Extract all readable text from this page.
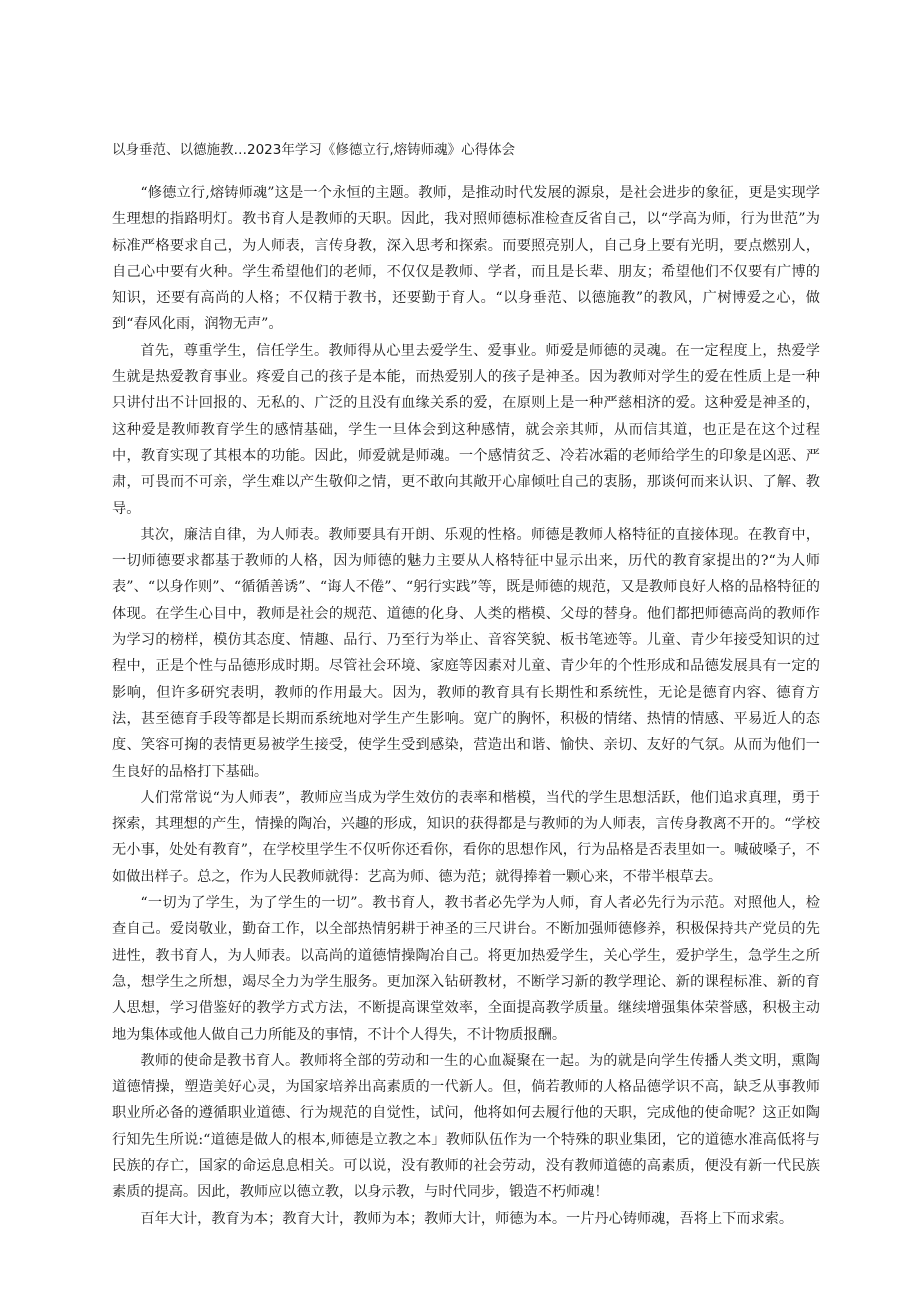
以身垂范、以德施教…2023年学习《修德立行,熔铸师魂》心得体会

“修德立行,熔铸师魂”这是一个永恒的主题。教师，是推动时代发展的源泉，是社会进步的象征，更是实现学生理想的指路明灯。教书育人是教师的天职。因此，我对照师德标准检查反省自己，以“学高为师，行为世范”为标准严格要求自己，为人师表，言传身教，深入思考和探索。而要照亮别人，自己身上要有光明，要点燃别人，自己心中要有火种。学生希望他们的老师，不仅仅是教师、学者，而且是长辈、朋友；希望他们不仅要有广博的知识，还要有高尚的人格；不仅精于教书，还要勤于育人。“以身垂范、以德施教”的教风，广树博爱之心，做到“春风化雨，润物无声”。

首先，尊重学生，信任学生。教师得从心里去爱学生、爱事业。师爱是师德的灵魂。在一定程度上，热爱学生就是热爱教育事业。疼爱自己的孩子是本能，而热爱别人的孩子是神圣。因为教师对学生的爱在性质上是一种只讲付出不计回报的、无私的、广泛的且没有血缘关系的爱，在原则上是一种严慈相济的爱。这种爱是神圣的，这种爱是教师教育学生的感情基础，学生一旦体会到这种感情，就会亲其师，从而信其道，也正是在这个过程中，教育实现了其根本的功能。因此，师爱就是师魂。一个感情贫乏、冷若冰霜的老师给学生的印象是凶恶、严肃，可畏而不可亲，学生难以产生敬仰之情，更不敢向其敞开心扉倾吐自己的衷肠，那谈何而来认识、了解、教导。

其次，廉洁自律，为人师表。教师要具有开朗、乐观的性格。师德是教师人格特征的直接体现。在教育中，一切师德要求都基于教师的人格，因为师德的魅力主要从人格特征中显示出来，历代的教育家提出的?“为人师表”、“以身作则”、“循循善诱”、“诲人不倦”、“躬行实践”等，既是师德的规范，又是教师良好人格的品格特征的体现。在学生心目中，教师是社会的规范、道德的化身、人类的楷模、父母的替身。他们都把师德高尚的教师作为学习的榜样，模仿其态度、情趣、品行、乃至行为举止、音容笑貌、板书笔迹等。儿童、青少年接受知识的过程中，正是个性与品德形成时期。尽管社会环境、家庭等因素对儿童、青少年的个性形成和品德发展具有一定的影响，但许多研究表明，教师的作用最大。因为，教师的教育具有长期性和系统性，无论是德育内容、德育方法，甚至德育手段等都是长期而系统地对学生产生影响。宽广的胸怀，积极的情绪、热情的情感、平易近人的态度、笑容可掬的表情更易被学生接受，使学生受到感染，营造出和谐、愉快、亲切、友好的气氛。从而为他们一生良好的品格打下基础。

人们常常说“为人师表”，教师应当成为学生效仿的表率和楷模，当代的学生思想活跃，他们追求真理，勇于探索，其理想的产生，情操的陶冶，兴趣的形成，知识的获得都是与教师的为人师表，言传身教离不开的。“学校无小事，处处有教育”，在学校里学生不仅听你还看你，看你的思想作风，行为品格是否表里如一。喊破嗓子，不如做出样子。总之，作为人民教师就得：艺高为师、德为范；就得捧着一颗心来，不带半根草去。

“一切为了学生，为了学生的一切”。教书育人，教书者必先学为人师，育人者必先行为示范。对照他人，检查自己。爱岗敬业，勤奋工作，以全部热情躬耕于神圣的三尺讲台。不断加强师德修养，积极保持共产党员的先进性，教书育人，为人师表。以高尚的道德情操陶冶自己。将更加热爱学生，关心学生，爱护学生，急学生之所急，想学生之所想，竭尽全力为学生服务。更加深入钻研教材，不断学习新的教学理论、新的课程标准、新的育人思想，学习借鉴好的教学方式方法，不断提高课堂效率，全面提高教学质量。继续增强集体荣誉感，积极主动地为集体或他人做自己力所能及的事情，不计个人得失，不计物质报酬。

教师的使命是教书育人。教师将全部的劳动和一生的心血凝聚在一起。为的就是向学生传播人类文明，熏陶道德情操，塑造美好心灵，为国家培养出高素质的一代新人。但，倘若教师的人格品德学识不高，缺乏从事教师职业所必备的遵循职业道德、行为规范的自觉性，试问，他将如何去履行他的天职，完成他的使命呢？这正如陶行知先生所说:“道德是做人的根本,师德是立教之本」教师队伍作为一个特殊的职业集团，它的道德水准高低将与民族的存亡，国家的命运息息相关。可以说，没有教师的社会劳动，没有教师道德的高素质，便没有新一代民族素质的提高。因此，教师应以德立教，以身示教，与时代同步，锻造不朽师魂！

百年大计，教育为本；教育大计，教师为本；教师大计，师德为本。一片丹心铸师魂，吾将上下而求索。
